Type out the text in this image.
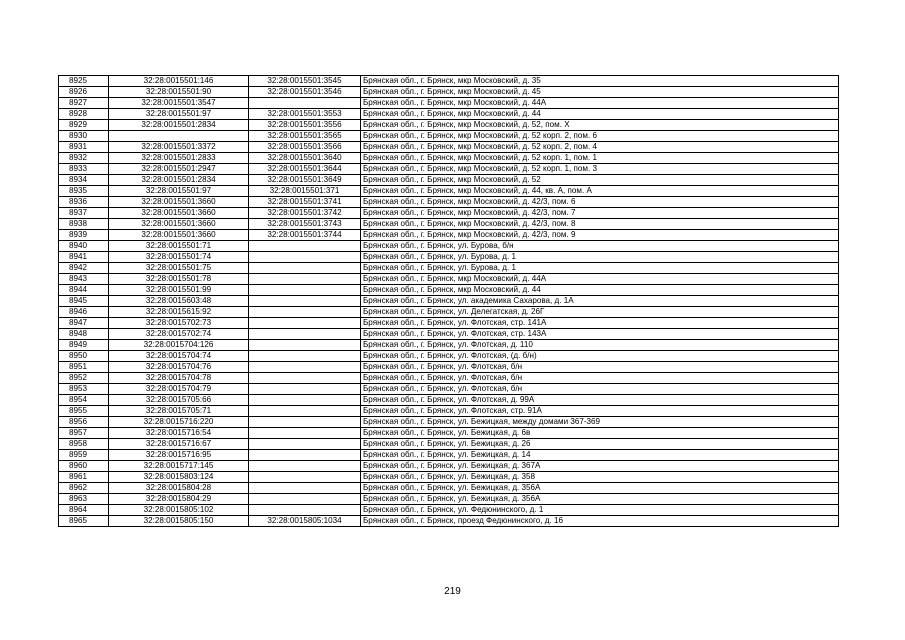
8925	32:28:0015501:146	32:28:0015501:3545	Брянская обл., г. Брянск, мкр Московский, д. 35
8926	32:28:0015501:90	32:28:0015501:3546	Брянская обл., г. Брянск, мкр Московский, д. 45
8927	32:28:0015501:3547		Брянская обл., г. Брянск, мкр Московский, д. 44А
8928	32:28:0015501:97	32:28:0015501:3553	Брянская обл., г. Брянск, мкр Московский, д. 44
8929	32:28:0015501:2834	32:28:0015501:3556	Брянская обл., г. Брянск, мкр Московский, д. 52, пом. X
8930		32:28:0015501:3565	Брянская обл., г. Брянск, мкр Московский, д. 52 корп. 2, пом. 6
8931	32:28:0015501:3372	32:28:0015501:3566	Брянская обл., г. Брянск, мкр Московский, д. 52 корп. 2, пом. 4
8932	32:28:0015501:2833	32:28:0015501:3640	Брянская обл., г. Брянск, мкр Московский, д. 52 корп. 1, пом. 1
8933	32:28:0015501:2947	32:28:0015501:3644	Брянская обл., г. Брянск, мкр Московский, д. 52 корп. 1, пом. 3
8934	32:28:0015501:2834	32:28:0015501:3649	Брянская обл., г. Брянск, мкр Московский, д. 52
8935	32:28:0015501:97	32:28:0015501:371	Брянская обл., г. Брянск, мкр Московский, д. 44, кв. А, пом. А
8936	32:28:0015501:3660	32:28:0015501:3741	Брянская обл., г. Брянск, мкр Московский, д. 42/3, пом. 6
8937	32:28:0015501:3660	32:28:0015501:3742	Брянская обл., г. Брянск, мкр Московский, д. 42/3, пом. 7
8938	32:28:0015501:3660	32:28:0015501:3743	Брянская обл., г. Брянск, мкр Московский, д. 42/3, пом. 8
8939	32:28:0015501:3660	32:28:0015501:3744	Брянская обл., г. Брянск, мкр Московский, д. 42/3, пом. 9
8940	32:28:0015501:71		Брянская обл., г. Брянск, ул. Бурова, б/н
8941	32:28:0015501:74		Брянская обл., г. Брянск, ул. Бурова, д. 1
8942	32:28:0015501:75		Брянская обл., г. Брянск, ул. Бурова, д. 1
8943	32:28:0015501:78		Брянская обл., г. Брянск, мкр Московский, д. 44А
8944	32:28:0015501:99		Брянская обл., г. Брянск, мкр Московский, д. 44
8945	32:28:0015603:48		Брянская обл., г. Брянск, ул. академика Сахарова, д. 1А
8946	32:28:0015615:92		Брянская обл., г. Брянск, ул. Делегатская, д. 26Г
8947	32:28:0015702:73		Брянская обл., г. Брянск, ул. Флотская, стр. 141А
8948	32:28:0015702:74		Брянская обл., г. Брянск, ул. Флотская, стр. 143А
8949	32:28:0015704:126		Брянская обл., г. Брянск, ул. Флотская, д. 110
8950	32:28:0015704:74		Брянская обл., г. Брянск, ул. Флотская, (д. б/н)
8951	32:28:0015704:76		Брянская обл., г. Брянск, ул. Флотская, б/н
8952	32:28:0015704:78		Брянская обл., г. Брянск, ул. Флотская, б/н
8953	32:28:0015704:79		Брянская обл., г. Брянск, ул. Флотская, б/н
8954	32:28:0015705:66		Брянская обл., г. Брянск, ул. Флотская, д. 99А
8955	32:28:0015705:71		Брянская обл., г. Брянск, ул. Флотская, стр. 91А
8956	32:28:0015716:220		Брянская обл., г. Брянск, ул. Бежицкая, между домами 367-369
8957	32:28:0015716:54		Брянская обл., г. Брянск, ул. Бежицкая, д. 6в
8958	32:28:0015716:67		Брянская обл., г. Брянск, ул. Бежицкая, д. 26
8959	32:28:0015716:95		Брянская обл., г. Брянск, ул. Бежицкая, д. 14
8960	32:28:0015717:145		Брянская обл., г. Брянск, ул. Бежицкая, д. 367А
8961	32:28:0015803:124		Брянская обл., г. Брянск, ул. Бежицкая, д. 358
8962	32:28:0015804:28		Брянская обл., г. Брянск, ул. Бежицкая, д. 356А
8963	32:28:0015804:29		Брянская обл., г. Брянск, ул. Бежицкая, д. 356А
8964	32:28:0015805:102		Брянская обл., г. Брянск, ул. Федюнинского, д. 1
8965	32:28:0015805:150	32:28:0015805:1034	Брянская обл., г. Брянск, проезд Федюнинского, д. 16
219
